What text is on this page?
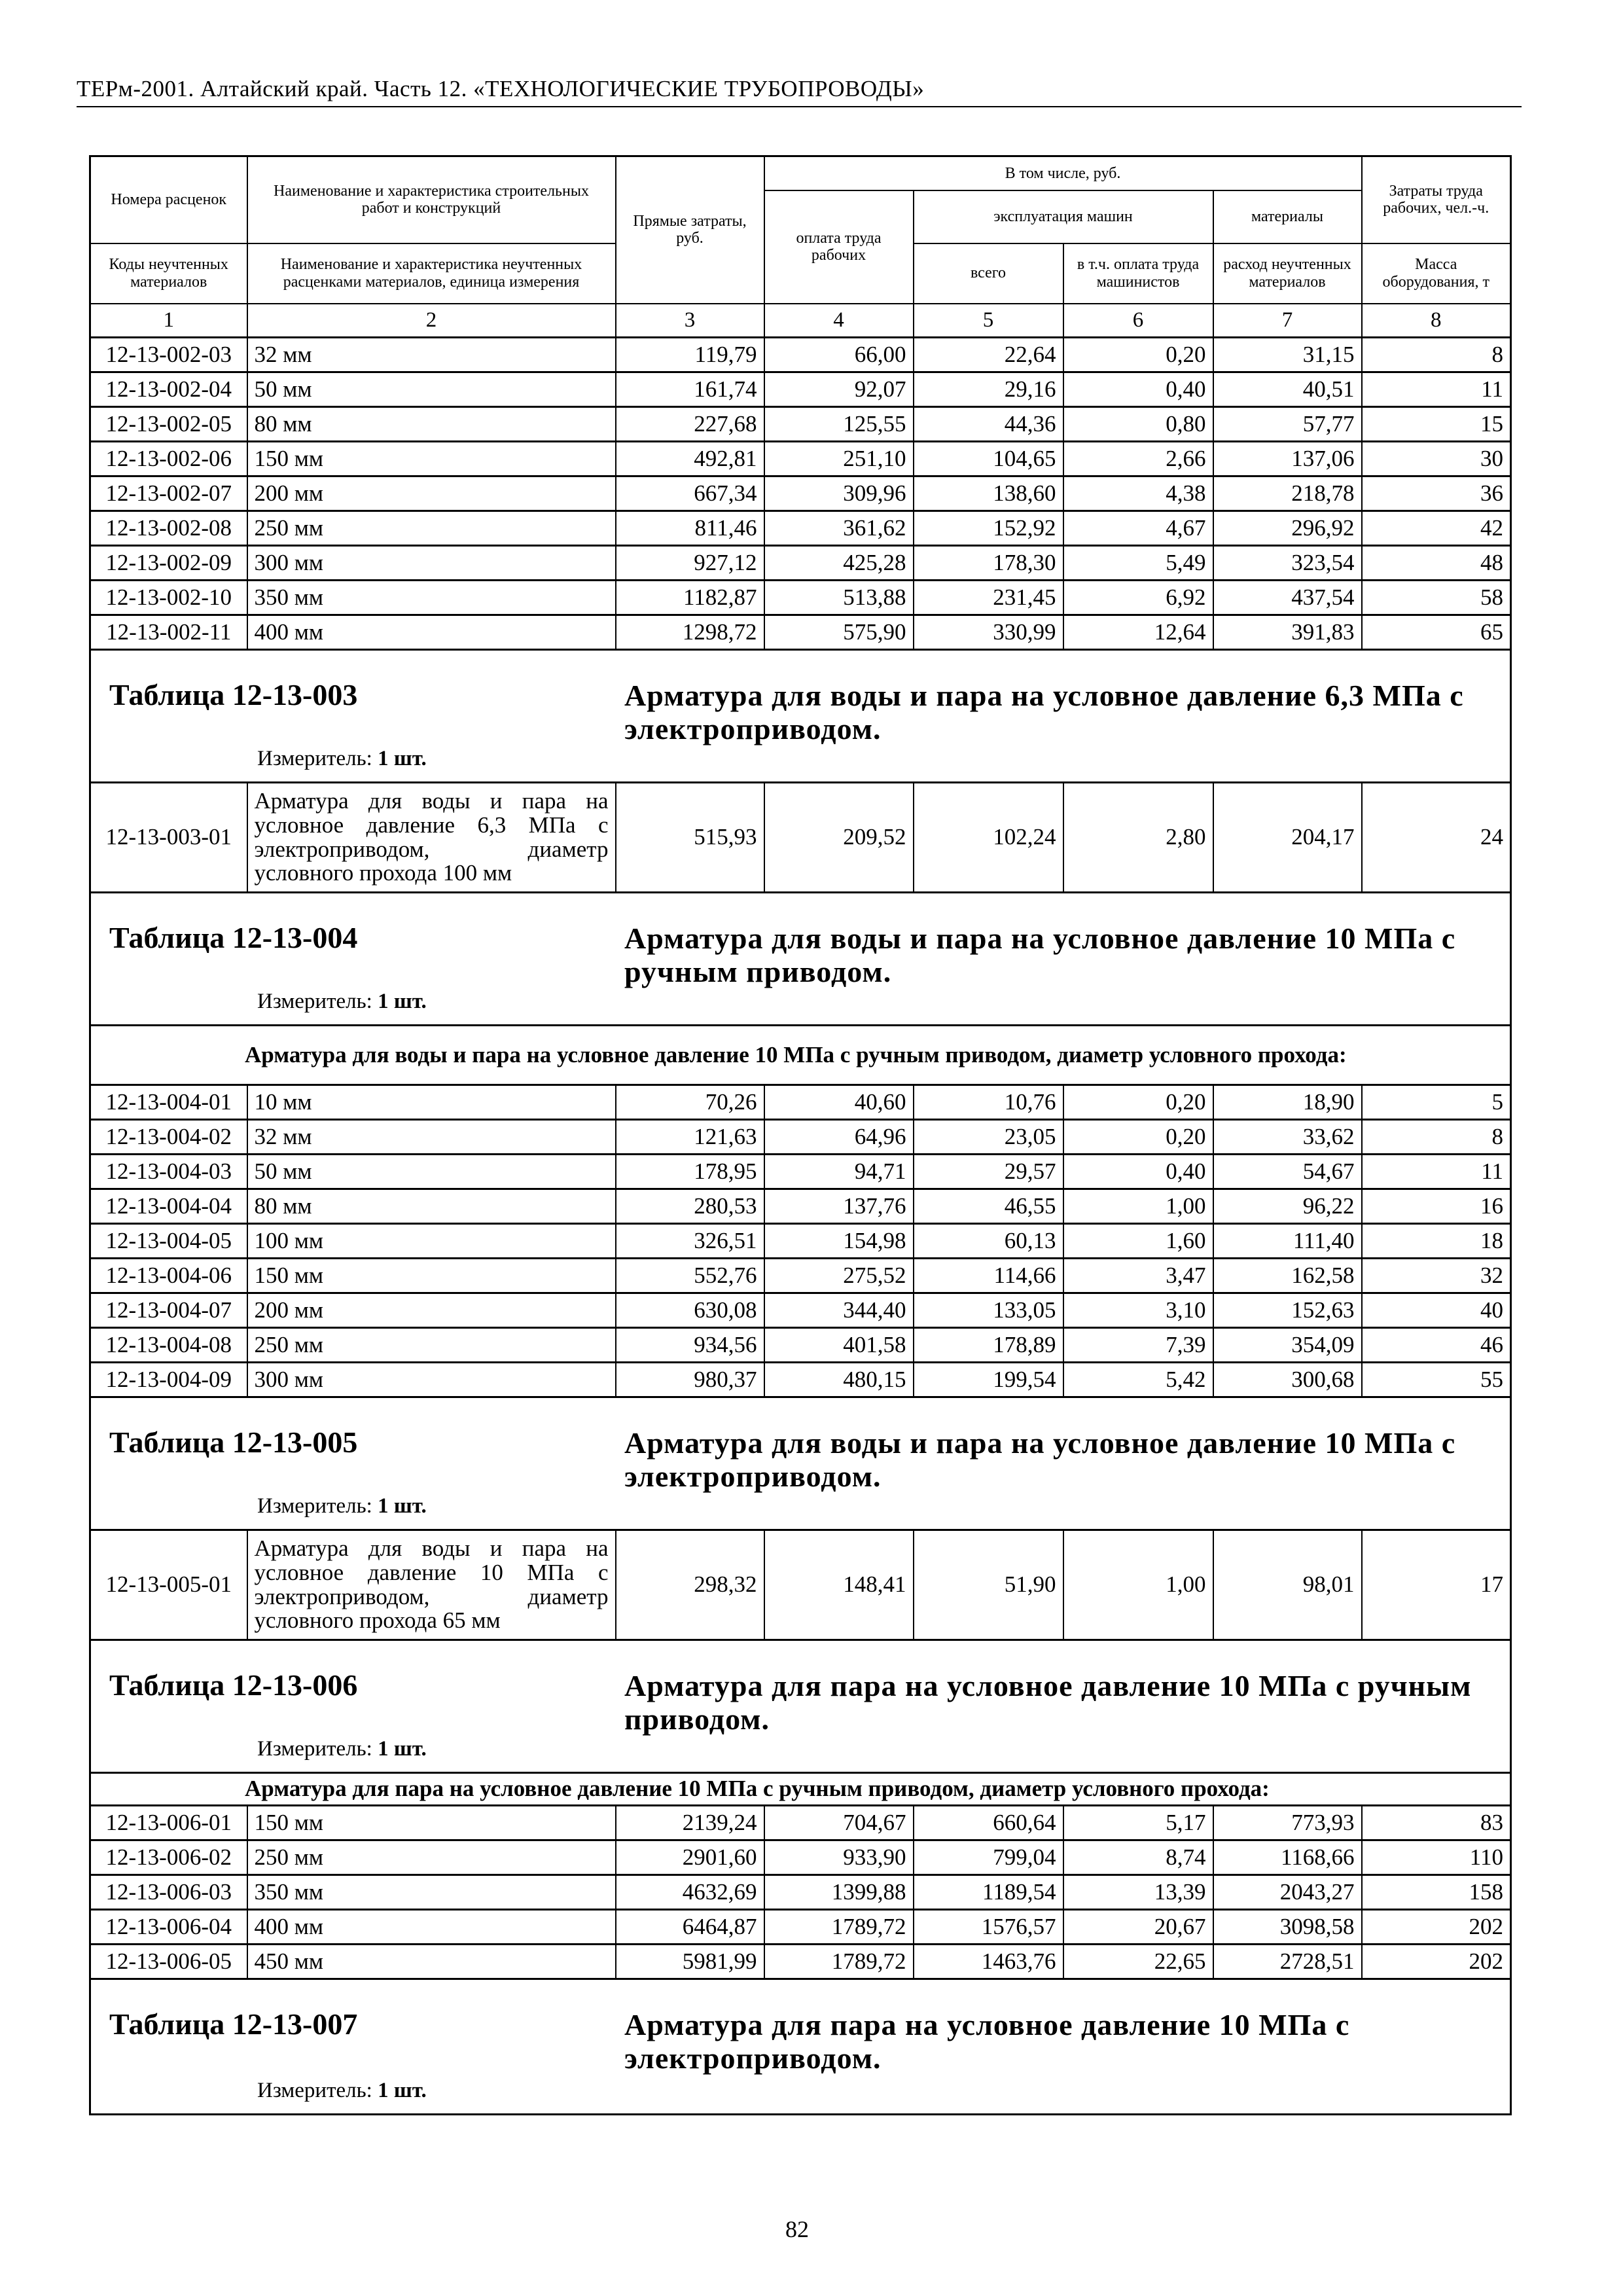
ТЕРм-2001. Алтайский край. Часть 12. «ТЕХНОЛОГИЧЕСКИЕ ТРУБОПРОВОДЫ»
Номера расценок	Наименование и характеристика строительных работ и конструкций	Прямые затраты, руб.	В том числе, руб.				Затраты труда рабочих, чел.-ч.
			оплата труда рабочих	эксплуатация машин		материалы	
Коды неучтенных материалов	Наименование и характеристика неучтенных расценками материалов, единица измерения			всего	в т.ч. оплата труда машинистов	расход неучтенных материалов	Масса оборудования, т
1	2	3	4	5	6	7	8
12-13-002-03	32 мм	119,79	66,00	22,64	0,20	31,15	8
12-13-002-04	50 мм	161,74	92,07	29,16	0,40	40,51	11
12-13-002-05	80 мм	227,68	125,55	44,36	0,80	57,77	15
12-13-002-06	150 мм	492,81	251,10	104,65	2,66	137,06	30
12-13-002-07	200 мм	667,34	309,96	138,60	4,38	218,78	36
12-13-002-08	250 мм	811,46	361,62	152,92	4,67	296,92	42
12-13-002-09	300 мм	927,12	425,28	178,30	5,49	323,54	48
12-13-002-10	350 мм	1182,87	513,88	231,45	6,92	437,54	58
12-13-002-11	400 мм	1298,72	575,90	330,99	12,64	391,83	65

Таблица 12-13-003 Арматура для воды и пара на условное давление 6,3 МПа с электроприводом.
Измеритель: 1 шт.							

12-13-003-01	Арматура для воды и пара на условное давление 6,3 МПа с электроприводом, диаметр условного прохода 100 мм	515,93	209,52	102,24	2,80	204,17	24

Таблица 12-13-004 Арматура для воды и пара на условное давление 10 МПа с ручным приводом.
Измеритель: 1 шт.							

Арматура для воды и пара на условное давление 10 МПа с ручным приводом, диаметр условного прохода:							
12-13-004-01	10 мм	70,26	40,60	10,76	0,20	18,90	5
12-13-004-02	32 мм	121,63	64,96	23,05	0,20	33,62	8
12-13-004-03	50 мм	178,95	94,71	29,57	0,40	54,67	11
12-13-004-04	80 мм	280,53	137,76	46,55	1,00	96,22	16
12-13-004-05	100 мм	326,51	154,98	60,13	1,60	111,40	18
12-13-004-06	150 мм	552,76	275,52	114,66	3,47	162,58	32
12-13-004-07	200 мм	630,08	344,40	133,05	3,10	152,63	40
12-13-004-08	250 мм	934,56	401,58	178,89	7,39	354,09	46
12-13-004-09	300 мм	980,37	480,15	199,54	5,42	300,68	55

Таблица 12-13-005 Арматура для воды и пара на условное давление 10 МПа с электроприводом.
Измеритель: 1 шт.							

12-13-005-01	Арматура для воды и пара на условное давление 10 МПа с электроприводом, диаметр условного прохода 65 мм	298,32	148,41	51,90	1,00	98,01	17

Таблица 12-13-006 Арматура для пара на условное давление 10 МПа с ручным приводом.
Измеритель: 1 шт.							

Арматура для пара на условное давление 10 МПа с ручным приводом, диаметр условного прохода:							
12-13-006-01	150 мм	2139,24	704,67	660,64	5,17	773,93	83
12-13-006-02	250 мм	2901,60	933,90	799,04	8,74	1168,66	110
12-13-006-03	350 мм	4632,69	1399,88	1189,54	13,39	2043,27	158
12-13-006-04	400 мм	6464,87	1789,72	1576,57	20,67	3098,58	202
12-13-006-05	450 мм	5981,99	1789,72	1463,76	22,65	2728,51	202

Таблица 12-13-007 Арматура для пара на условное давление 10 МПа с электроприводом.
Измеритель: 1 шт.							
82
